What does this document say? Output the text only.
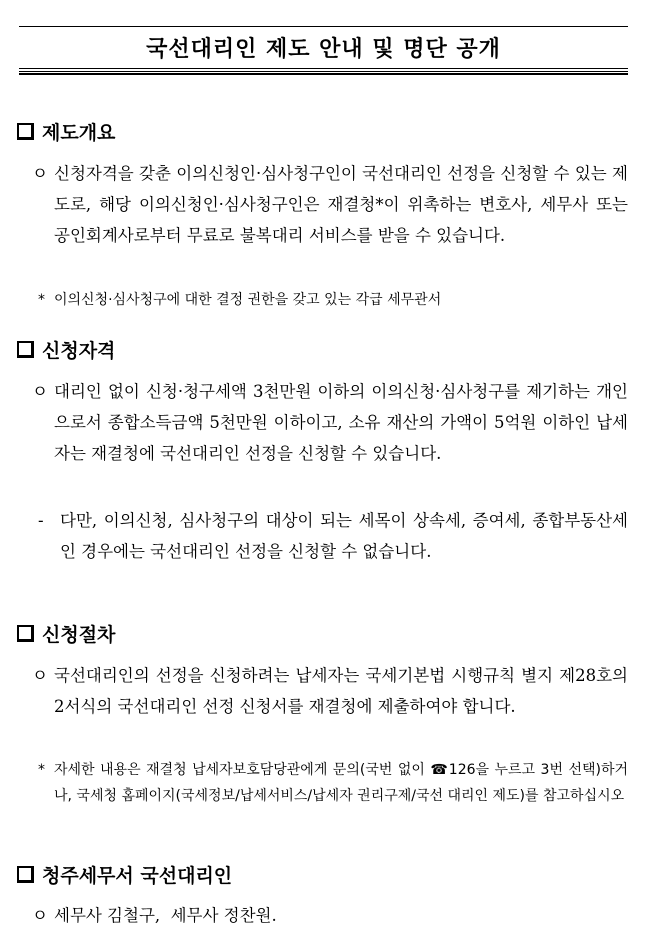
국선대리인 제도 안내 및 명단 공개
제도개요
ㅇ 신청자격을 갖춘 이의신청인·심사청구인이 국선대리인 선정을 신청할 수 있는 제도로, 해당 이의신청인·심사청구인은 재결청*이 위촉하는 변호사, 세무사 또는 공인회계사로부터 무료로 불복대리 서비스를 받을 수 있습니다.
* 이의신청·심사청구에 대한 결정 권한을 갖고 있는 각급 세무관서
신청자격
ㅇ 대리인 없이 신청·청구세액 3천만원 이하의 이의신청·심사청구를 제기하는 개인으로서 종합소득금액 5천만원 이하이고, 소유 재산의 가액이 5억원 이하인 납세자는 재결청에 국선대리인 선정을 신청할 수 있습니다.
- 다만, 이의신청, 심사청구의 대상이 되는 세목이 상속세, 증여세, 종합부동산세인 경우에는 국선대리인 선정을 신청할 수 없습니다.
신청절차
ㅇ 국선대리인의 선정을 신청하려는 납세자는 국세기본법 시행규칙 별지 제28호의2서식의 국선대리인 선정 신청서를 재결청에 제출하여야 합니다.
* 자세한 내용은 재결청 납세자보호담당관에게 문의(국번 없이 ☎126을 누르고 3번 선택)하거나, 국세청 홈페이지(국세정보/납세서비스/납세자 권리구제/국선 대리인 제도)를 참고하십시오
청주세무서 국선대리인
ㅇ 세무사 김철구,  세무사 정찬원.
